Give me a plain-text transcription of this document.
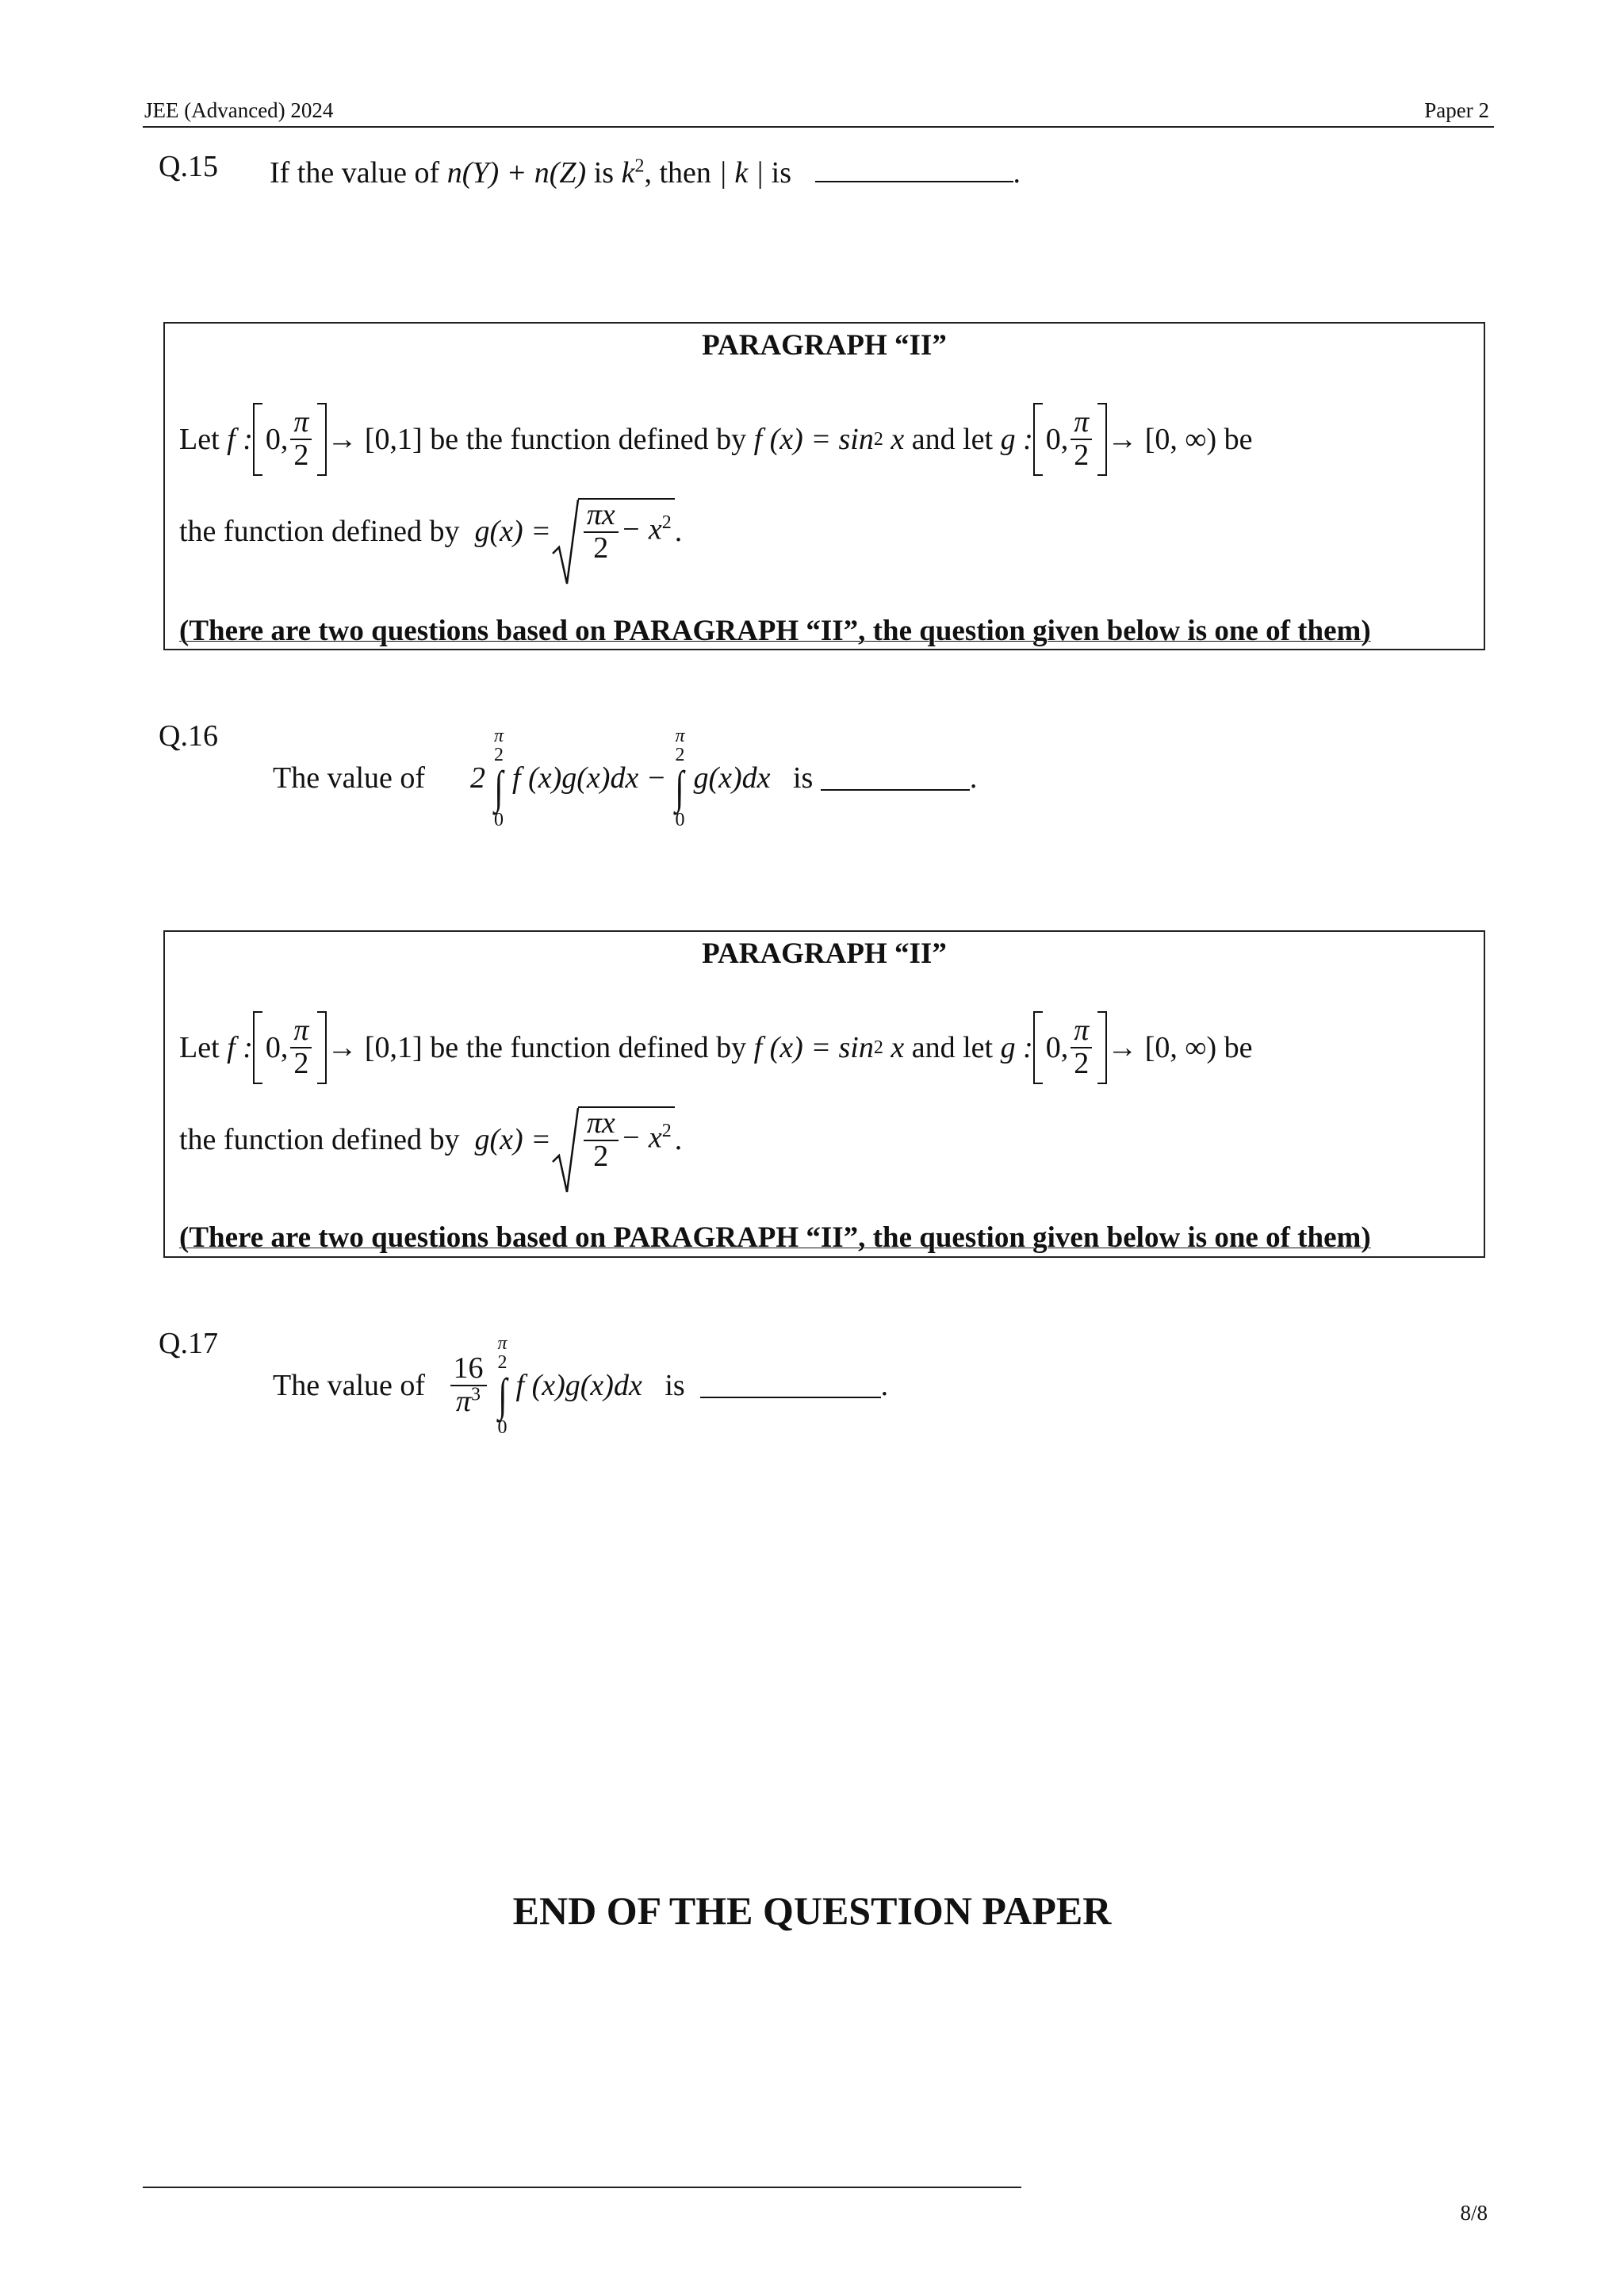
JEE (Advanced) 2024	Paper 2
Q.15 If the value of n(Y) + n(Z) is $k^2$, then | k | is	.
PARAGRAPH “II”
Let
f : 0, $\frac{\pi}{2} \to [0,1]$
be the function defined by
f (x) = sin 2
x
and let
g : 0, $\frac{\pi}{2} \to [0$, ∞)
be
the function defined by
$g(x) = \frac{\pi x}{2} - x^2$ .
(There are two questions based on PARAGRAPH “II”, the question given below is one of them)
Q.16
The value of
2
π
2
∫
0
f (x)g(x)dx −
π
2
∫
0
g(x)dx
is
	.
PARAGRAPH “II”
Let
f : 0, $\frac{\pi}{2} \to [0,1]$
be the function defined by
f (x) = sin 2
x
and let
g : 0, $\frac{\pi}{2} \to [0$, ∞)
be
the function defined by
$g(x) = \frac{\pi x}{2} - x^2$ .
(There are two questions based on PARAGRAPH “II”, the question given below is one of them)
Q.17
The value of
$\frac{16}{\pi^3}$
π
2
∫
0
f (x)g(x)dx
is
	.
END OF THE QUESTION PAPER
8/8
